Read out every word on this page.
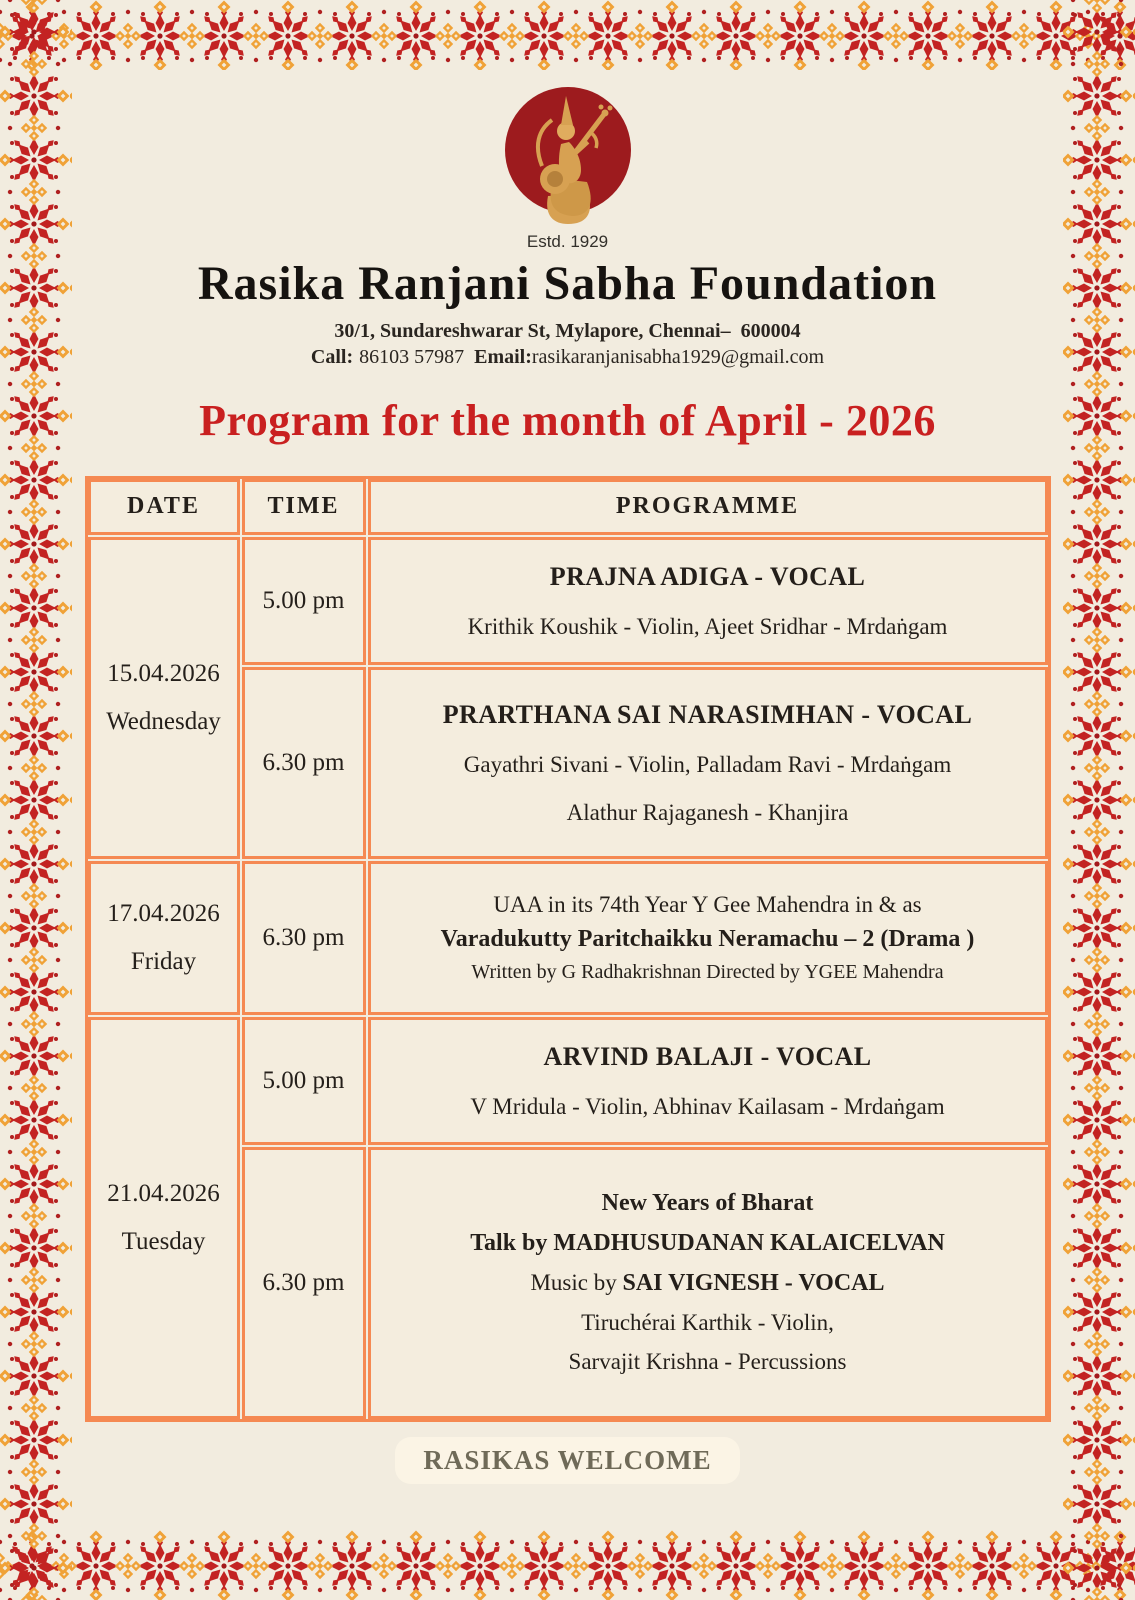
Estd. 1929
Rasika Ranjani Sabha Foundation
30/1, Sundareshwarar St, Mylapore, Chennai–  600004
Call: 86103 57987 Email:rasikaranjanisabha1929@gmail.com
Program for the month of April - 2026
DATE	TIME	PROGRAMME
15.04.2026
Wednesday
5.00 pm
PRAJNA ADIGA - VOCAL
Krithik Koushik - Violin, Ajeet Sridhar - Mrdaṅgam
6.30 pm
PRARTHANA SAI NARASIMHAN - VOCAL
Gayathri Sivani - Violin, Palladam Ravi - Mrdaṅgam
Alathur Rajaganesh - Khanjira
17.04.2026
Friday
6.30 pm
UAA in its 74th Year Y Gee Mahendra in & as
Varadukutty Paritchaikku Neramachu – 2 (Drama )
Written by G Radhakrishnan Directed by YGEE Mahendra
21.04.2026
Tuesday
5.00 pm
ARVIND BALAJI - VOCAL
V Mridula - Violin, Abhinav Kailasam - Mrdaṅgam
6.30 pm
New Years of Bharat
Talk by MADHUSUDANAN KALAICELVAN
Music by SAI VIGNESH - VOCAL
Tiruchérai Karthik - Violin,
Sarvajit Krishna - Percussions
RASIKAS WELCOME
